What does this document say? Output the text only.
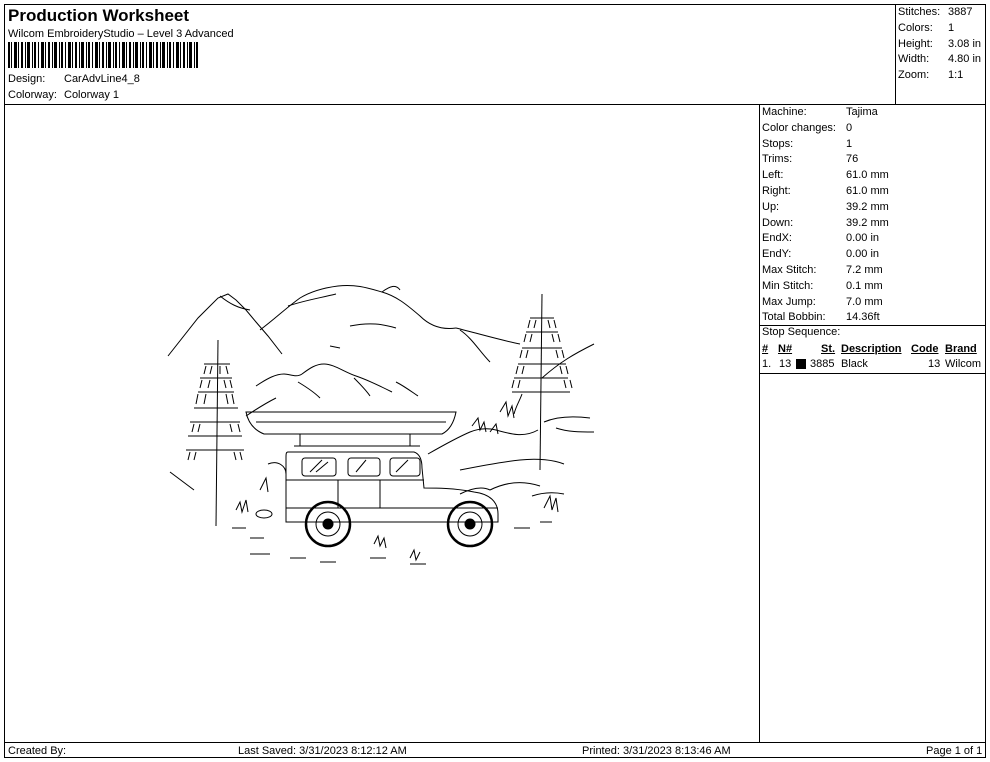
Production Worksheet
Wilcom EmbroideryStudio – Level 3 Advanced
Design: CarAdvLine4_8
Colorway: Colorway 1
Stitches: 3887
Colors: 1
Height: 3.08 in
Width: 4.80 in
Zoom: 1:1
Machine:	Tajima
Color changes: 0
Stops:	1
Trims:	76
Left:	61.0 mm
Right:	61.0 mm
Up:	39.2 mm
Down:	39.2 mm
EndX:	0.00 in
EndY:	0.00 in
Max Stitch:	7.2 mm
Min Stitch:	0.1 mm
Max Jump:	7.0 mm
Total Bobbin: 14.36ft
Stop Sequence:
# N#	St. Description Code Brand
1. 13 3885 Black	13 Wilcom
Created By:	Last Saved: 3/31/2023 8:12:12 AM	Printed: 3/31/2023 8:13:46 AM	Page 1 of 1
